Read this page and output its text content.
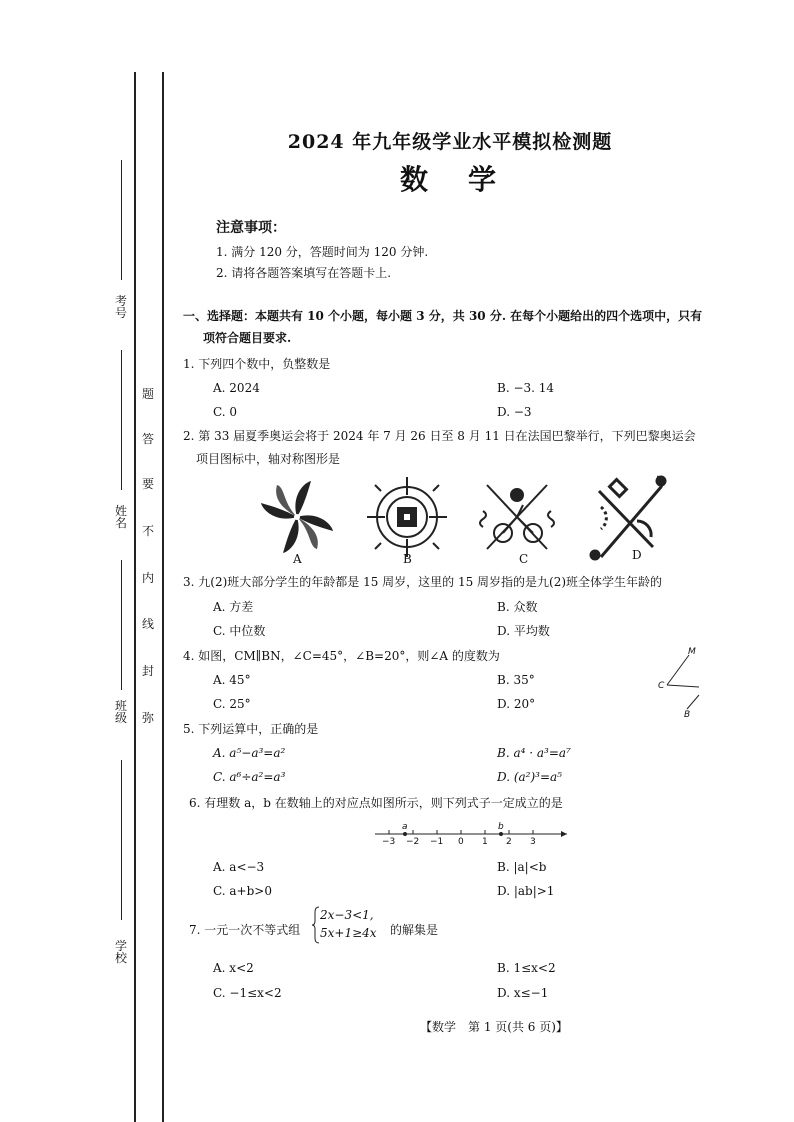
考号
姓名
班级
学校
题
答
要
不
内
线
封
弥
2024 年九年级学业水平模拟检测题
数学
注意事项：
1. 满分 120 分，答题时间为 120 分钟.
2. 请将各题答案填写在答题卡上.
一、选择题：本题共有 10 个小题，每小题 3 分，共 30 分. 在每个小题给出的四个选项中，只有
项符合题目要求.
1. 下列四个数中，负整数是
A. 2024	B. −3. 14
C. 0	D. −3
2. 第 33 届夏季奥运会将于 2024 年 7 月 26 日至 8 月 11 日在法国巴黎举行，下列巴黎奥运会
项目图标中，轴对称图形是
A	B	C	D
3. 九(2)班大部分学生的年龄都是 15 周岁，这里的 15 周岁指的是九(2)班全体学生年龄的
A. 方差	B. 众数
C. 中位数	D. 平均数
4. 如图，CM∥BN，∠C=45°，∠B=20°，则∠A 的度数为
A. 45°	B. 35°
C. 25°	D. 20°
M
C
B
5. 下列运算中，正确的是
A. a⁵−a³=a²	B. a⁴ · a³=a⁷
C. a⁶÷a²=a³	D. (a²)³=a⁵
6. 有理数 a，b 在数轴上的对应点如图所示，则下列式子一定成立的是
−3 −2 −1 0 1 2 3
a	b
A. a<−3	B. |a|<b
C. a+b>0	D. |ab|>1
7. 一元一次不等式组
2x−3<1,
5x+1≥4x 的解集是
A. x<2	B. 1≤x<2
C. −1≤x<2	D. x≤−1
【数学　第 1 页(共 6 页)】
